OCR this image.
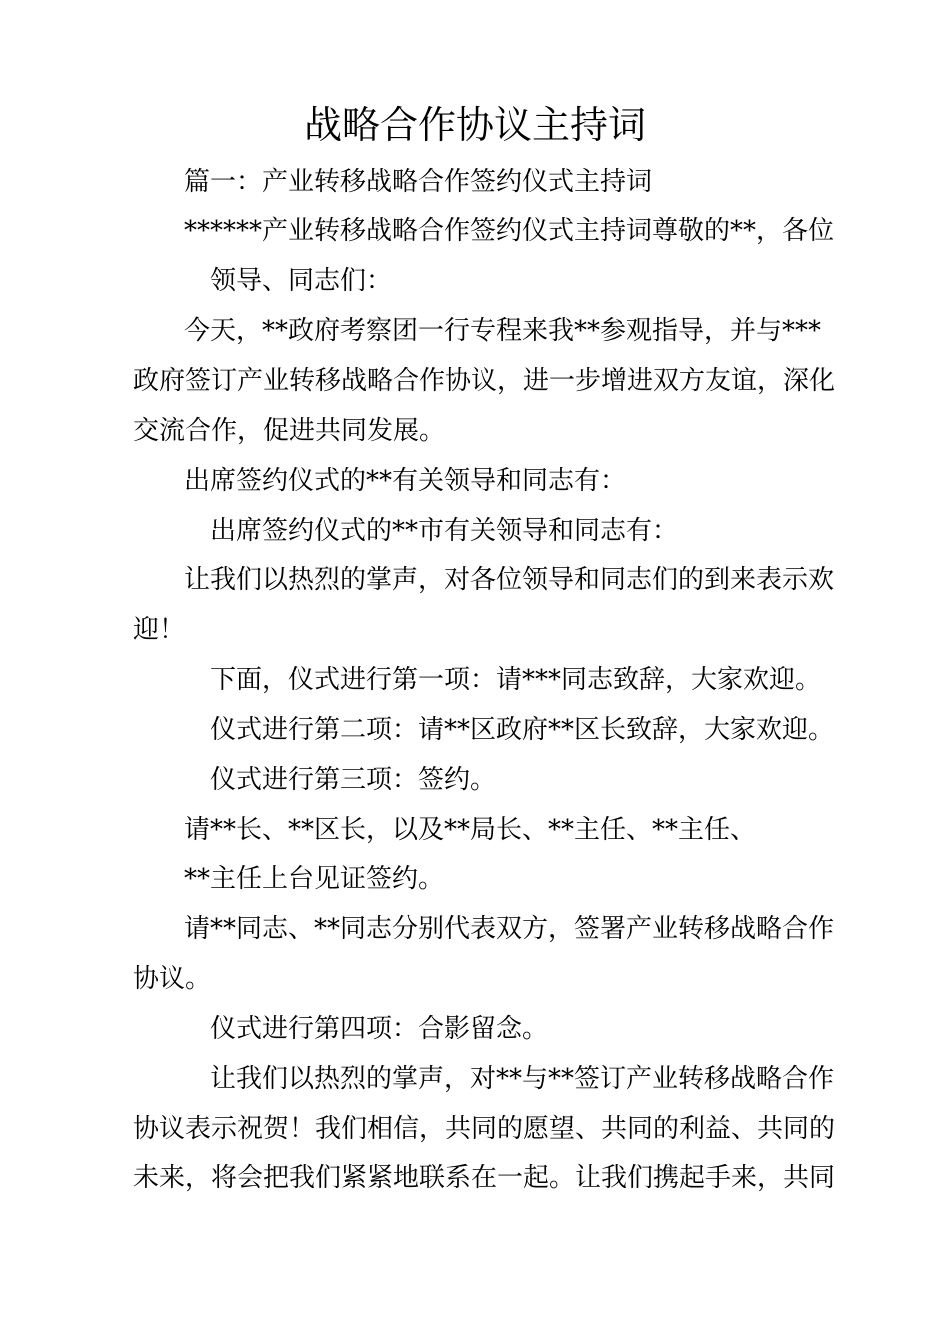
战略合作协议主持词
篇一：产业转移战略合作签约仪式主持词
******产业转移战略合作签约仪式主持词尊敬的**，各位
领导、同志们：
今天，**政府考察团一行专程来我**参观指导，并与***
政府签订产业转移战略合作协议，进一步增进双方友谊，深化
交流合作，促进共同发展。
出席签约仪式的**有关领导和同志有：
出席签约仪式的**市有关领导和同志有：
让我们以热烈的掌声，对各位领导和同志们的到来表示欢
迎！
下面，仪式进行第一项：请***同志致辞，大家欢迎。
仪式进行第二项：请**区政府**区长致辞，大家欢迎。
仪式进行第三项：签约。
请**长、**区长，以及**局长、**主任、**主任、
**主任上台见证签约。
请**同志、**同志分别代表双方，签署产业转移战略合作
协议。
仪式进行第四项：合影留念。
让我们以热烈的掌声，对**与**签订产业转移战略合作
协议表示祝贺！我们相信，共同的愿望、共同的利益、共同的
未来，将会把我们紧紧地联系在一起。让我们携起手来，共同
